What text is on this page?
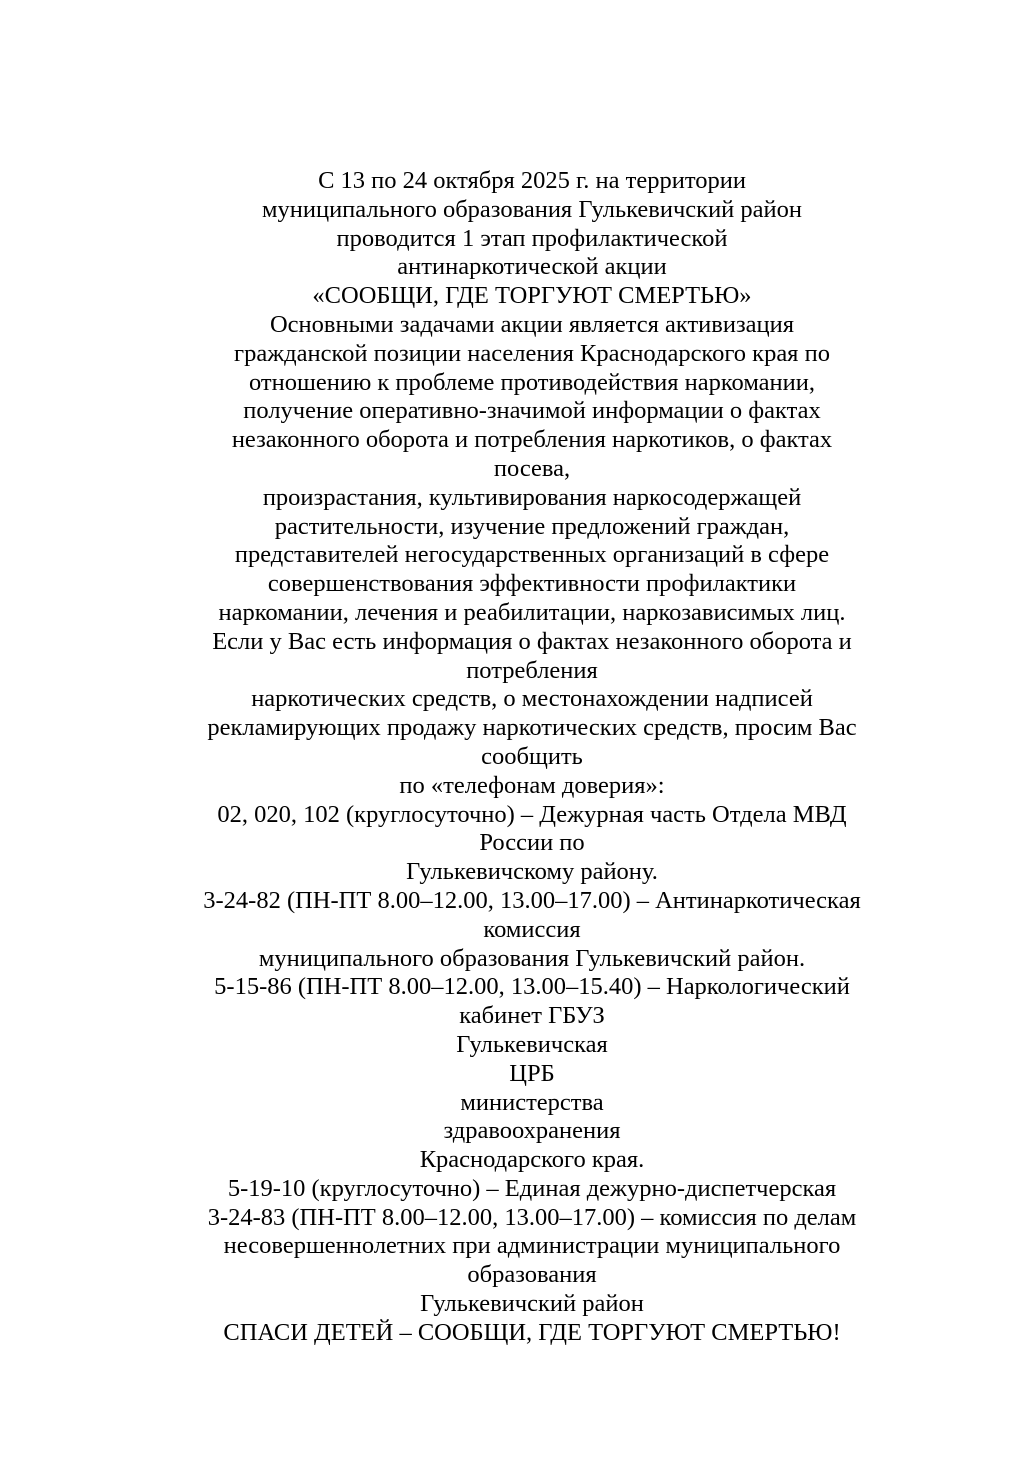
С 13 по 24 октября 2025 г. на территории
муниципального образования Гулькевичский район
проводится 1 этап профилактической
антинаркотической акции
«СООБЩИ, ГДЕ ТОРГУЮТ СМЕРТЬЮ»
Основными задачами акции является активизация
гражданской позиции населения Краснодарского края по
отношению к проблеме противодействия наркомании,
получение оперативно-значимой информации о фактах
незаконного оборота и потребления наркотиков, о фактах
посева,
произрастания, культивирования наркосодержащей
растительности, изучение предложений граждан,
представителей негосударственных организаций в сфере
совершенствования эффективности профилактики
наркомании, лечения и реабилитации, наркозависимых лиц.
Если у Вас есть информация о фактах незаконного оборота и
потребления
наркотических средств, о местонахождении надписей
рекламирующих продажу наркотических средств, просим Вас
сообщить
по «телефонам доверия»:
02, 020, 102 (круглосуточно) – Дежурная часть Отдела МВД
России по
Гулькевичскому району.
3-24-82 (ПН-ПТ 8.00–12.00, 13.00–17.00) – Антинаркотическая
комиссия
муниципального образования Гулькевичский район.
5-15-86 (ПН-ПТ 8.00–12.00, 13.00–15.40) – Наркологический
кабинет ГБУЗ
Гулькевичская
ЦРБ
министерства
здравоохранения
Краснодарского края.
5-19-10 (круглосуточно) – Единая дежурно-диспетчерская
3-24-83 (ПН-ПТ 8.00–12.00, 13.00–17.00) – комиссия по делам
несовершеннолетних при администрации муниципального
образования
Гулькевичский район
СПАСИ ДЕТЕЙ – СООБЩИ, ГДЕ ТОРГУЮТ СМЕРТЬЮ!
